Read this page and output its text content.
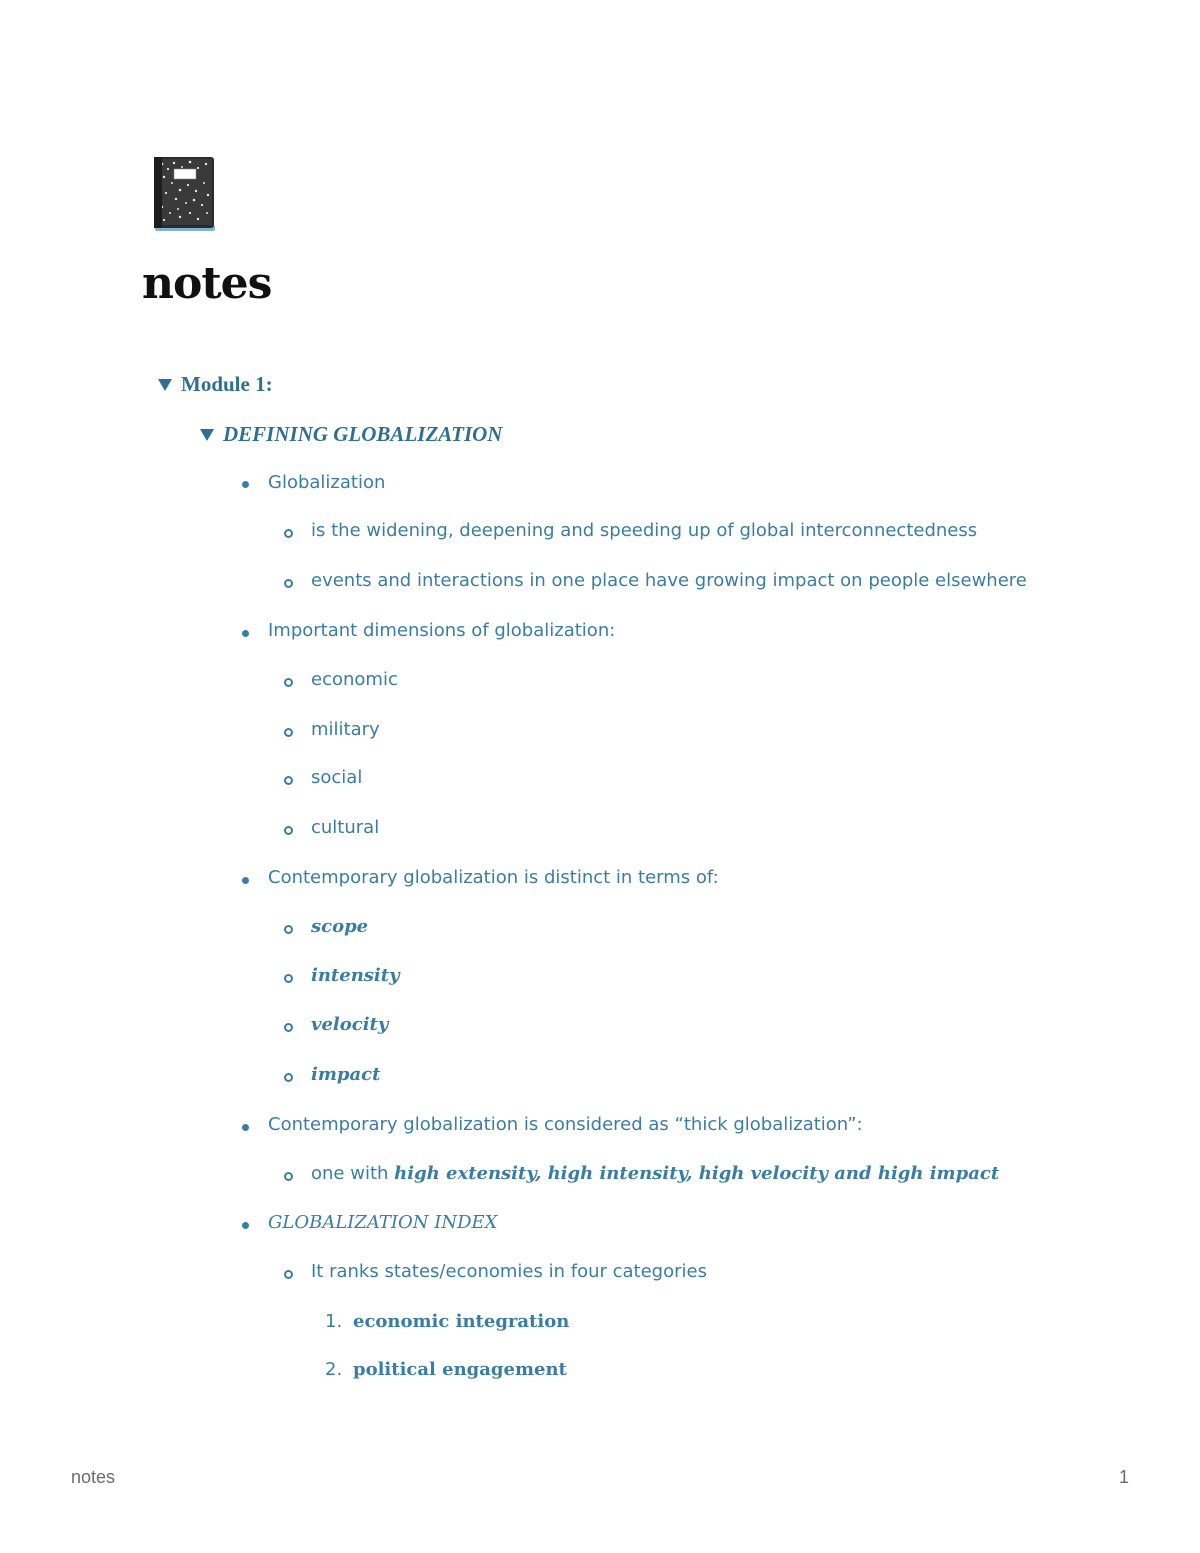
notes
Module 1:
DEFINING GLOBALIZATION
Globalization
is the widening, deepening and speeding up of global interconnectedness
events and interactions in one place have growing impact on people elsewhere
Important dimensions of globalization:
economic
military
social
cultural
Contemporary globalization is distinct in terms of:
scope
intensity
velocity
impact
Contemporary globalization is considered as “thick globalization”:
one with high extensity, high intensity, high velocity and high impact
GLOBALIZATION INDEX
It ranks states/economies in four categories
1. economic integration
2. political engagement
notes	1
